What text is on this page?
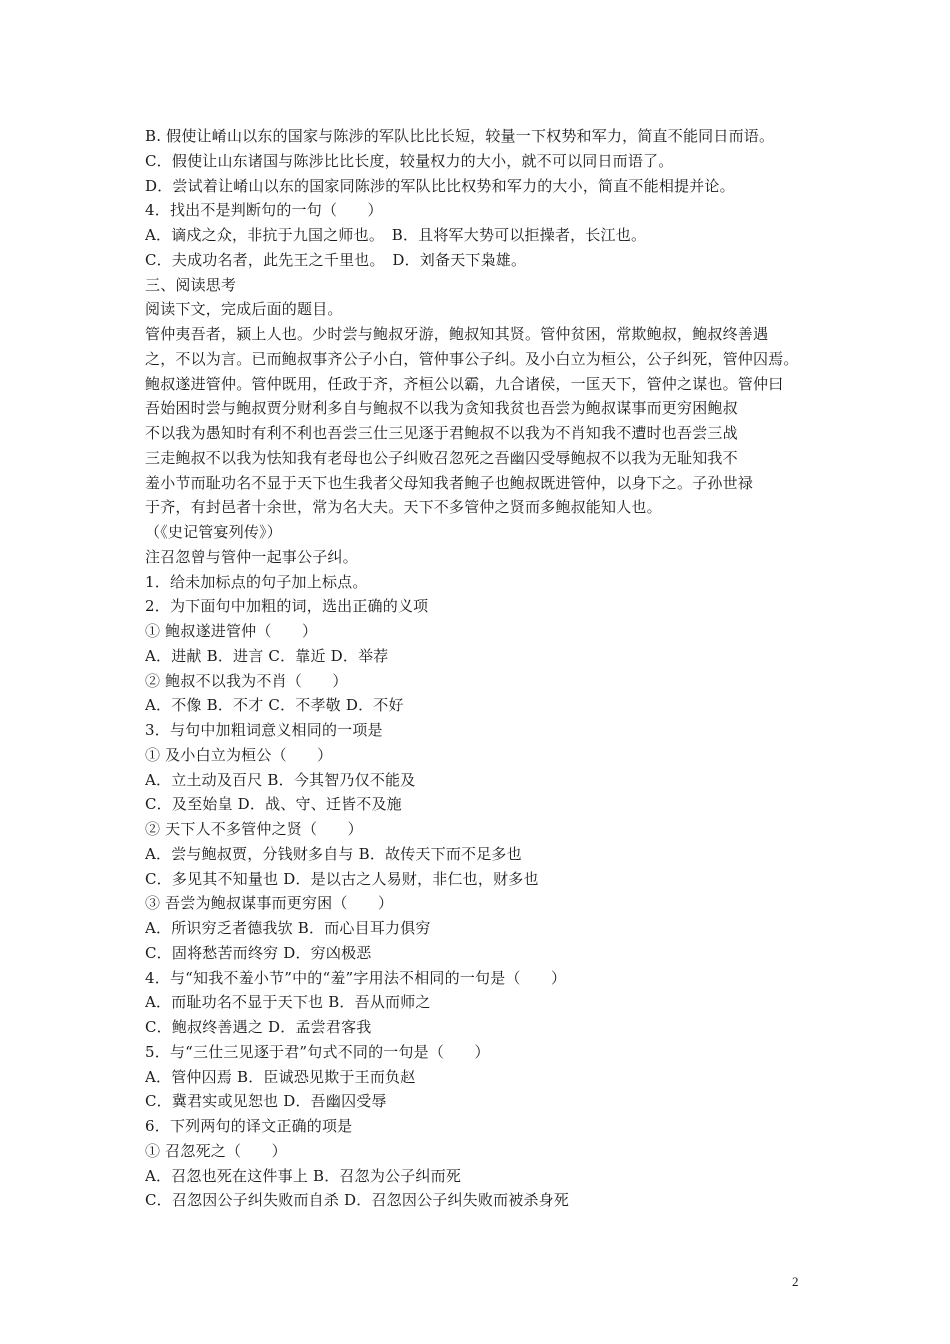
B. 假使让崤山以东的国家与陈涉的军队比比长短，较量一下权势和军力，简直不能同日而语。
C．假使让山东诸国与陈涉比比长度，较量权力的大小，就不可以同日而语了。
D．尝试着让崤山以东的国家同陈涉的军队比比权势和军力的大小，简直不能相提并论。
4．找出不是判断句的一句（　　）
A．谪戍之众，非抗于九国之师也。　B．且将军大势可以拒操者，长江也。
C．夫成功名者，此先王之千里也。　D．刘备天下枭雄。
三、阅读思考
阅读下文，完成后面的题目。
管仲夷吾者，颍上人也。少时尝与鲍叔牙游，鲍叔知其贤。管仲贫困，常欺鲍叔，鲍叔终善遇
之，不以为言。已而鲍叔事齐公子小白，管仲事公子纠。及小白立为桓公，公子纠死，管仲囚焉。
鲍叔遂进管仲。管仲既用，任政于齐，齐桓公以霸，九合诸侯，一匡天下，管仲之谋也。管仲曰
吾始困时尝与鲍叔贾分财利多自与鲍叔不以我为贪知我贫也吾尝为鲍叔谋事而更穷困鲍叔
不以我为愚知时有利不利也吾尝三仕三见逐于君鲍叔不以我为不肖知我不遭时也吾尝三战
三走鲍叔不以我为怯知我有老母也公子纠败召忽死之吾幽囚受辱鲍叔不以我为无耻知我不
羞小节而耻功名不显于天下也生我者父母知我者鲍子也鲍叔既进管仲，以身下之。子孙世禄
于齐，有封邑者十余世，常为名大夫。天下不多管仲之贤而多鲍叔能知人也。
（《史记管宴列传》）
注召忽曾与管仲一起事公子纠。
1．给未加标点的句子加上标点。
2．为下面句中加粗的词，选出正确的义项
① 鲍叔遂进管仲（　　）
A．进献 B．进言 C．靠近 D．举荐
② 鲍叔不以我为不肖（　　）
A．不像 B．不才 C．不孝敬 D．不好
3．与句中加粗词意义相同的一项是
① 及小白立为桓公（　　）
A．立土动及百尺 B．今其智乃仅不能及
C．及至始皇 D．战、守、迁皆不及施
② 天下人不多管仲之贤（　　）
A．尝与鲍叔贾，分钱财多自与 B．故传天下而不足多也
C．多见其不知量也 D．是以古之人易财，非仁也，财多也
③ 吾尝为鲍叔谋事而更穷困（　　）
A．所识穷乏者德我欤 B．而心目耳力俱穷
C．固将愁苦而终穷 D．穷凶极恶
4．与“知我不羞小节”中的“羞”字用法不相同的一句是（　　）
A．而耻功名不显于天下也 B．吾从而师之
C．鲍叔终善遇之 D．孟尝君客我
5．与“三仕三见逐于君”句式不同的一句是（　　）
A．管仲囚焉 B．臣诚恐见欺于王而负赵
C．冀君实或见恕也 D．吾幽囚受辱
6．下列两句的译文正确的项是
① 召忽死之（　　）
A．召忽也死在这件事上 B．召忽为公子纠而死
C．召忽因公子纠失败而自杀 D．召忽因公子纠失败而被杀身死
2
